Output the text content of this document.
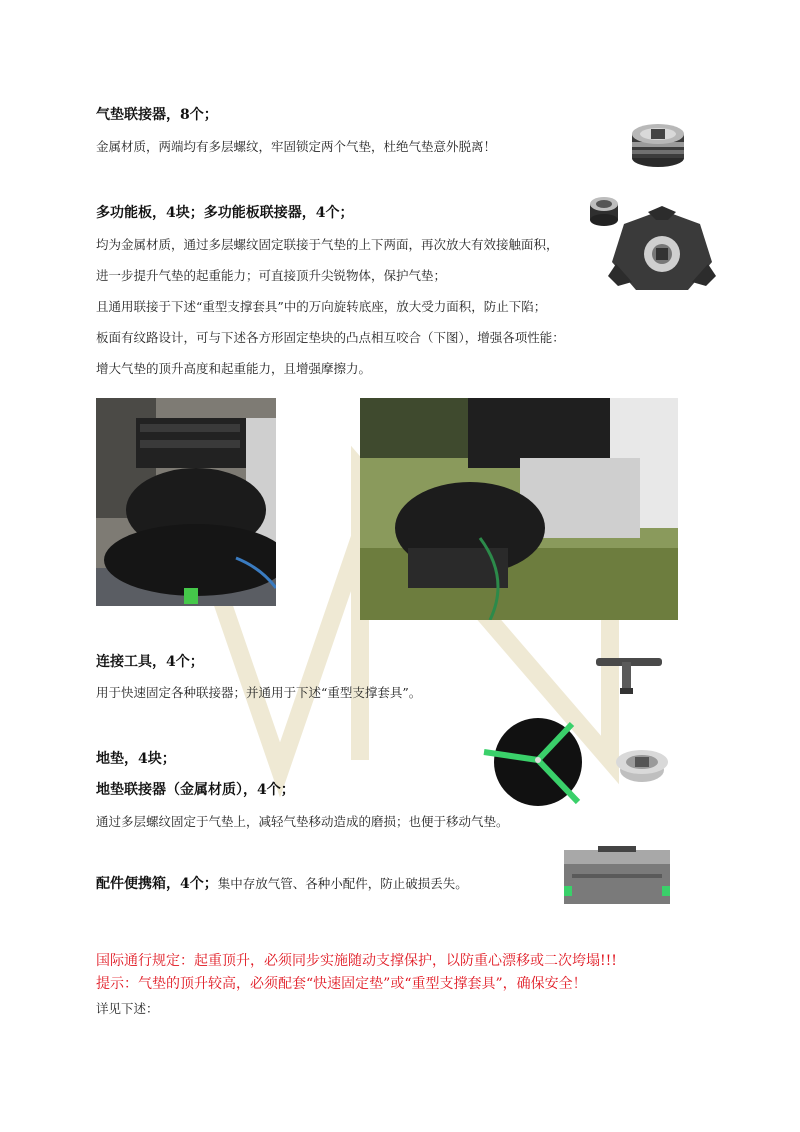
气垫联接器，8个；
金属材质，两端均有多层螺纹，牢固锁定两个气垫，杜绝气垫意外脱离！
多功能板，4块；多功能板联接器，4个；
均为金属材质，通过多层螺纹固定联接于气垫的上下两面，再次放大有效接触面积，
进一步提升气垫的起重能力；可直接顶升尖锐物体，保护气垫；
且通用联接于下述“重型支撑套具”中的万向旋转底座，放大受力面积，防止下陷；
板面有纹路设计，可与下述各方形固定垫块的凸点相互咬合（下图），增强各项性能：
增大气垫的顶升高度和起重能力，且增强摩擦力。
连接工具，4个；
用于快速固定各种联接器；并通用于下述“重型支撑套具”。
地垫，4块；
地垫联接器（金属材质），4个；
通过多层螺纹固定于气垫上，减轻气垫移动造成的磨损；也便于移动气垫。
配件便携箱，4个；集中存放气管、各种小配件，防止破损丢失。
国际通行规定：起重顶升，必须同步实施随动支撑保护，以防重心漂移或二次垮塌!!!
提示：气垫的顶升较高，必须配套“快速固定垫”或“重型支撑套具”，确保安全！
详见下述：
